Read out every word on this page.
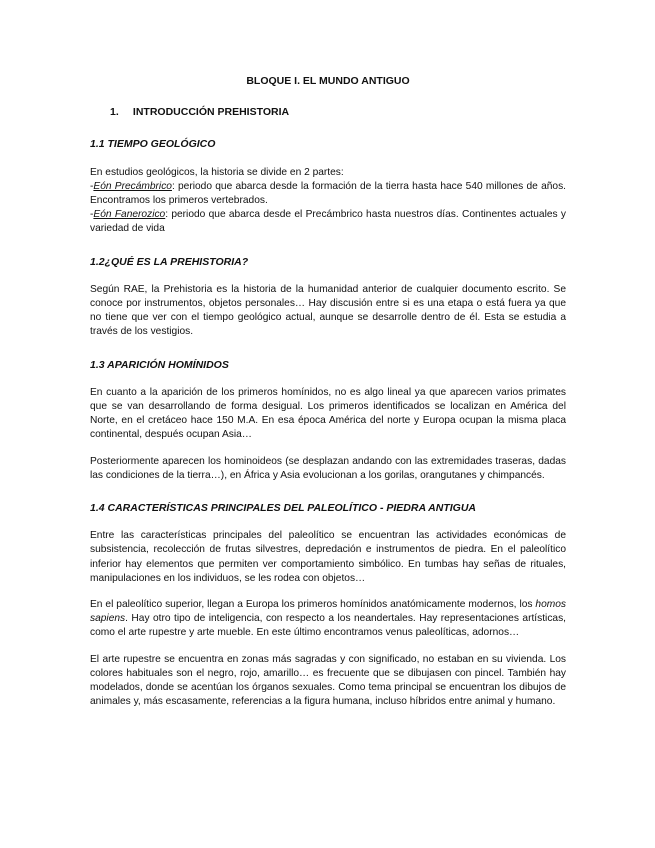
BLOQUE I. EL MUNDO ANTIGUO

1. INTRODUCCIÓN PREHISTORIA

1.1 TIEMPO GEOLÓGICO

En estudios geológicos, la historia se divide en 2 partes:
-Eón Precámbrico: periodo que abarca desde la formación de la tierra hasta hace 540 millones de años. Encontramos los primeros vertebrados.
-Eón Fanerozico: periodo que abarca desde el Precámbrico hasta nuestros días. Continentes actuales y variedad de vida

1.2¿QUÉ ES LA PREHISTORIA?

Según RAE, la Prehistoria es la historia de la humanidad anterior de cualquier documento escrito. Se conoce por instrumentos, objetos personales… Hay discusión entre si es una etapa o está fuera ya que no tiene que ver con el tiempo geológico actual, aunque se desarrolle dentro de él. Esta se estudia a través de los vestigios.

1.3 APARICIÓN HOMÍNIDOS

En cuanto a la aparición de los primeros homínidos, no es algo lineal ya que aparecen varios primates que se van desarrollando de forma desigual. Los primeros identificados se localizan en América del Norte, en el cretáceo hace 150 M.A. En esa época América del norte y Europa ocupan la misma placa continental, después ocupan Asia…

Posteriormente aparecen los hominoideos (se desplazan andando con las extremidades traseras, dadas las condiciones de la tierra…), en África y Asia evolucionan a los gorilas, orangutanes y chimpancés.

1.4 CARACTERÍSTICAS PRINCIPALES DEL PALEOLÍTICO - PIEDRA ANTIGUA

Entre las características principales del paleolítico se encuentran las actividades económicas de subsistencia, recolección de frutas silvestres, depredación e instrumentos de piedra. En el paleolítico inferior hay elementos que permiten ver comportamiento simbólico. En tumbas hay señas de rituales, manipulaciones en los individuos, se les rodea con objetos…

En el paleolítico superior, llegan a Europa los primeros homínidos anatómicamente modernos, los homos sapiens. Hay otro tipo de inteligencia, con respecto a los neandertales. Hay representaciones artísticas, como el arte rupestre y arte mueble. En este último encontramos venus paleolíticas, adornos…

El arte rupestre se encuentra en zonas más sagradas y con significado, no estaban en su vivienda. Los colores habituales son el negro, rojo, amarillo… es frecuente que se dibujasen con pincel. También hay modelados, donde se acentúan los órganos sexuales. Como tema principal se encuentran los dibujos de animales y, más escasamente, referencias a la figura humana, incluso híbridos entre animal y humano.
